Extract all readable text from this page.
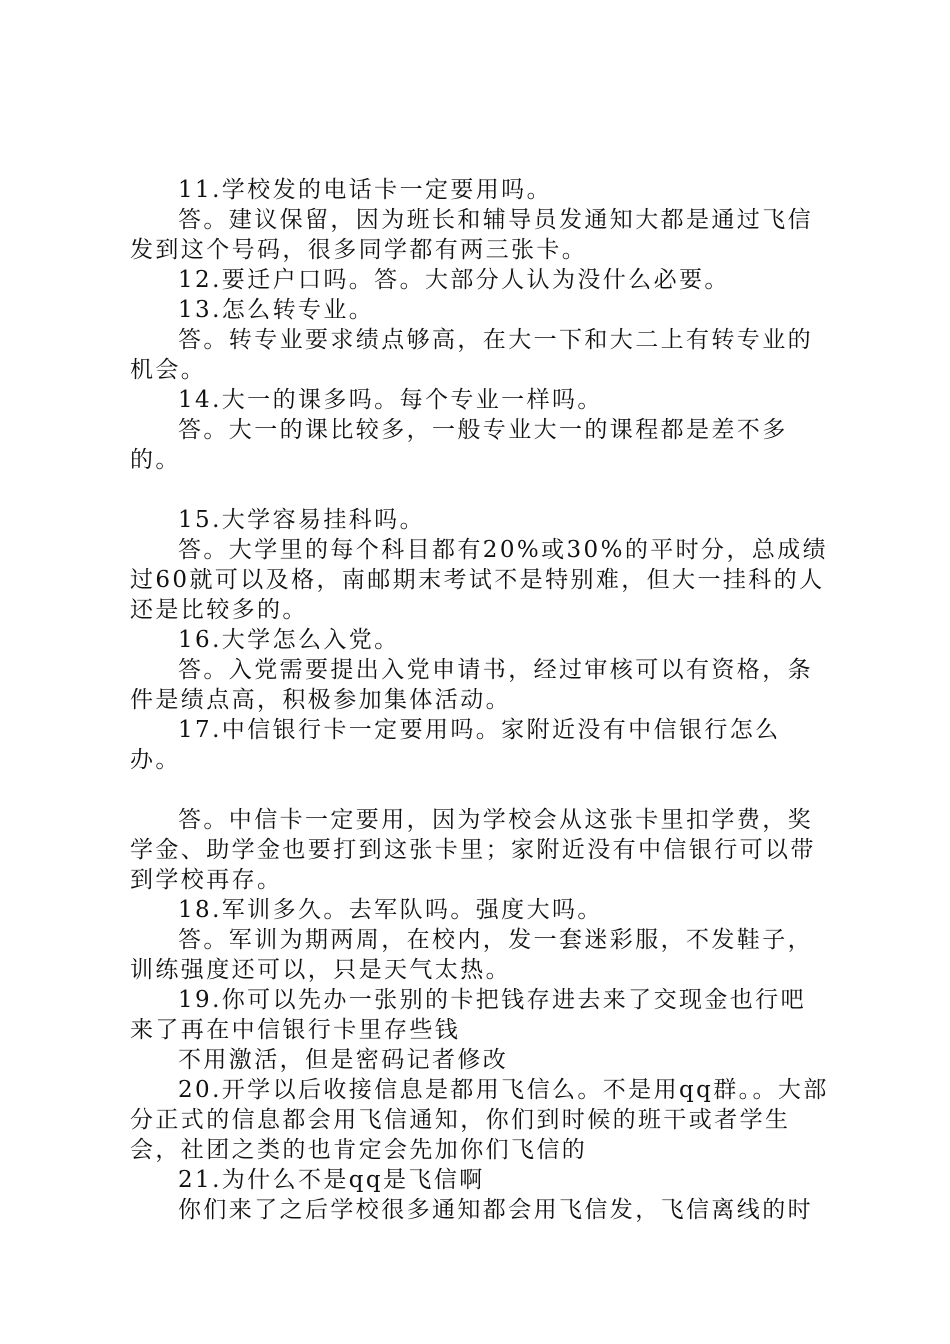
11.学校发的电话卡一定要用吗。

答。建议保留，因为班长和辅导员发通知大都是通过飞信发到这个号码，很多同学都有两三张卡。

12.要迁户口吗。答。大部分人认为没什么必要。

13.怎么转专业。

答。转专业要求绩点够高，在大一下和大二上有转专业的机会。

14.大一的课多吗。每个专业一样吗。

答。大一的课比较多，一般专业大一的课程都是差不多的。

15.大学容易挂科吗。

答。大学里的每个科目都有20%或30%的平时分，总成绩过60就可以及格，南邮期末考试不是特别难，但大一挂科的人还是比较多的。

16.大学怎么入党。

答。入党需要提出入党申请书，经过审核可以有资格，条件是绩点高，积极参加集体活动。

17.中信银行卡一定要用吗。家附近没有中信银行怎么办。

答。中信卡一定要用，因为学校会从这张卡里扣学费，奖学金、助学金也要打到这张卡里；家附近没有中信银行可以带到学校再存。

18.军训多久。去军队吗。强度大吗。

答。军训为期两周，在校内，发一套迷彩服，不发鞋子，训练强度还可以，只是天气太热。

19.你可以先办一张别的卡把钱存进去来了交现金也行吧来了再在中信银行卡里存些钱

不用激活，但是密码记者修改

20.开学以后收接信息是都用飞信么。不是用qq群。。大部分正式的信息都会用飞信通知，你们到时候的班干或者学生会，社团之类的也肯定会先加你们飞信的

21.为什么不是qq是飞信啊

你们来了之后学校很多通知都会用飞信发，飞信离线的时
